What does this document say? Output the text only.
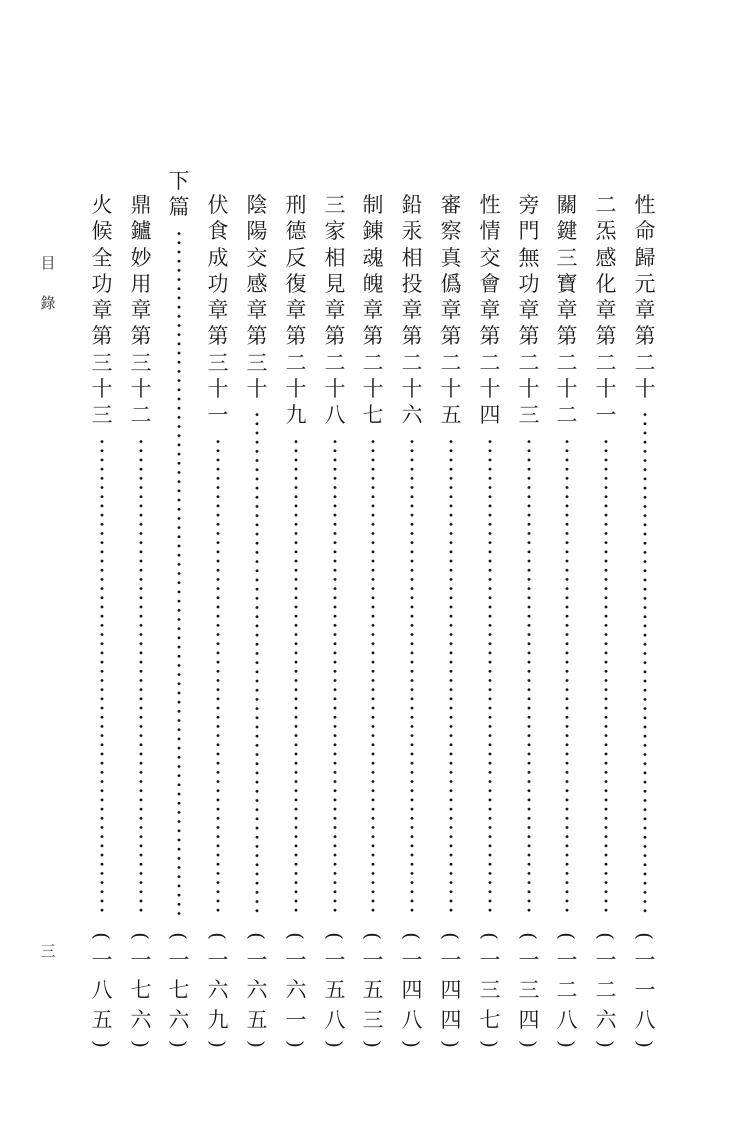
目錄
三
性命歸元章第二十
(
一一八
)
二炁感化章第二十一
(
一二六
)
關鍵三寶章第二十二
(
一二八
)
旁門無功章第二十三
(
一三四
)
性情交會章第二十四
(
一三七
)
審察真僞章第二十五
(
一四四
)
鉛汞相投章第二十六
(
一四八
)
制錬魂魄章第二十七
(
一五三
)
三家相見章第二十八
(
一五八
)
刑德反復章第二十九
(
一六一
)
陰陽交感章第三十
(
一六五
)
伏食成功章第三十一
(
一六九
)
下篇
(
一七六
)
鼎鑪妙用章第三十二
(
一七六
)
火候全功章第三十三
(
一八五
)
